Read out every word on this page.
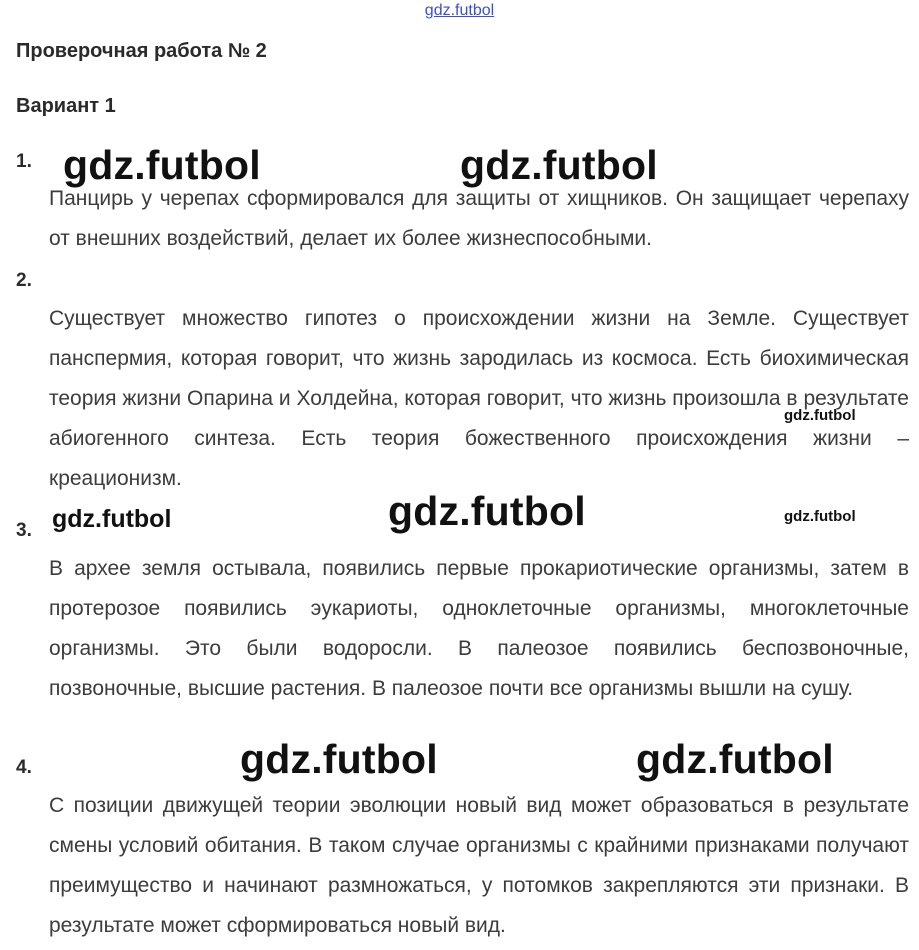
gdz.futbol
Проверочная работа № 2
Вариант 1
1.

Панцирь у черепах сформировался для защиты от хищников. Он защищает черепаху от внешних воздействий, делает их более жизнеспособными.

2.

Существует множество гипотез о происхождении жизни на Земле. Существует панспермия, которая говорит, что жизнь зародилась из космоса. Есть биохимическая теория жизни Опарина и Холдейна, которая говорит, что жизнь произошла в результате абиогенного синтеза. Есть теория божественного происхождения жизни – креационизм.

3.

В архее земля остывала, появились первые прокариотические организмы, затем в протерозое появились эукариоты, одноклеточные организмы, многоклеточные организмы. Это были водоросли. В палеозое появились беспозвоночные, позвоночные, высшие растения. В палеозое почти все организмы вышли на сушу.

4.

С позиции движущей теории эволюции новый вид может образоваться в результате смены условий обитания. В таком случае организмы с крайними признаками получают преимущество и начинают размножаться, у потомков закрепляются эти признаки. В результате может сформироваться новый вид.

gdz.futbol	gdz.futbol
gdz.futbol
gdz.futbol	gdz.futbol	gdz.futbol
gdz.futbol	gdz.futbol
